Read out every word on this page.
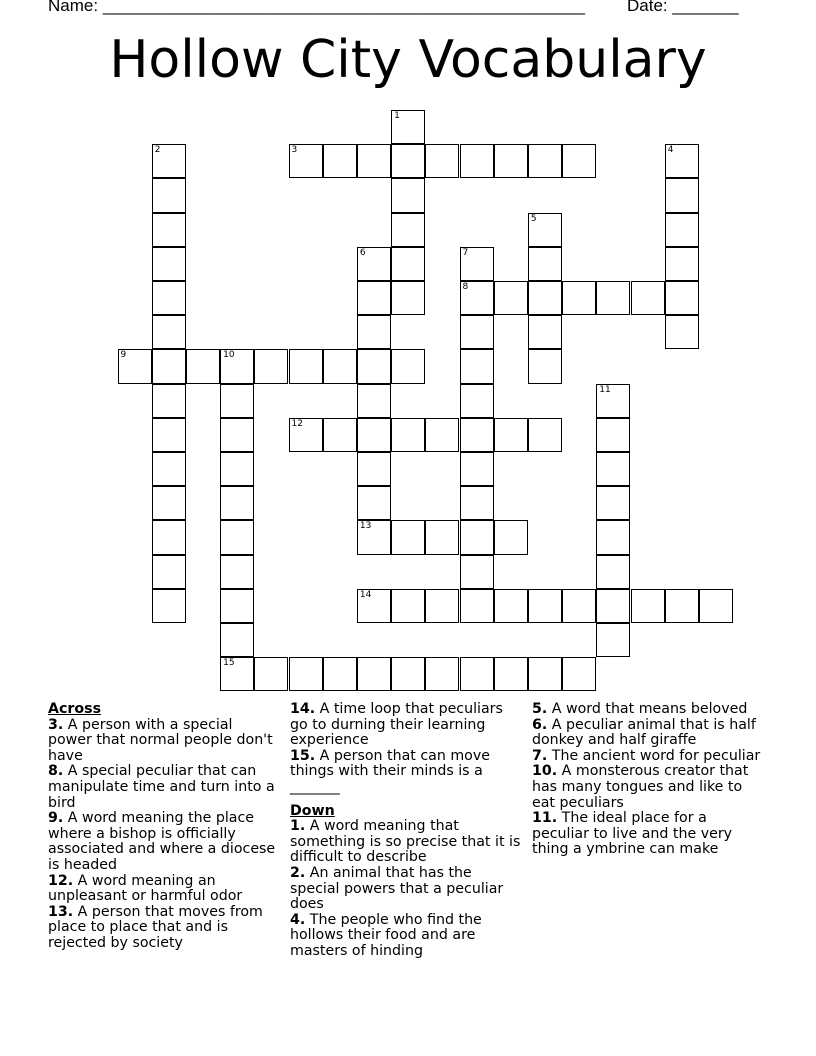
Name: ___________________________________________________ Date: _______
Hollow City Vocabulary
1
2	3	4
5
6	7
8
9	10
15
11
12
13
14
Across
3. A person with a special power that normal people don't have
8. A special peculiar that can manipulate time and turn into a bird
9. A word meaning the place where a bishop is officially associated and where a diocese is headed
12. A word meaning an unpleasant or harmful odor
13. A person that moves from place to place that and is rejected by society
14. A time loop that peculiars go to durning their learning experience
15. A person that can move things with their minds is a _______
Down
1. A word meaning that something is so precise that it is difficult to describe
2. An animal that has the special powers that a peculiar does
4. The people who find the hollows their food and are masters of hinding
5. A word that means beloved
6. A peculiar animal that is half donkey and half giraffe
7. The ancient word for peculiar
10. A monsterous creator that has many tongues and like to eat peculiars
11. The ideal place for a peculiar to live and the very thing a ymbrine can make
